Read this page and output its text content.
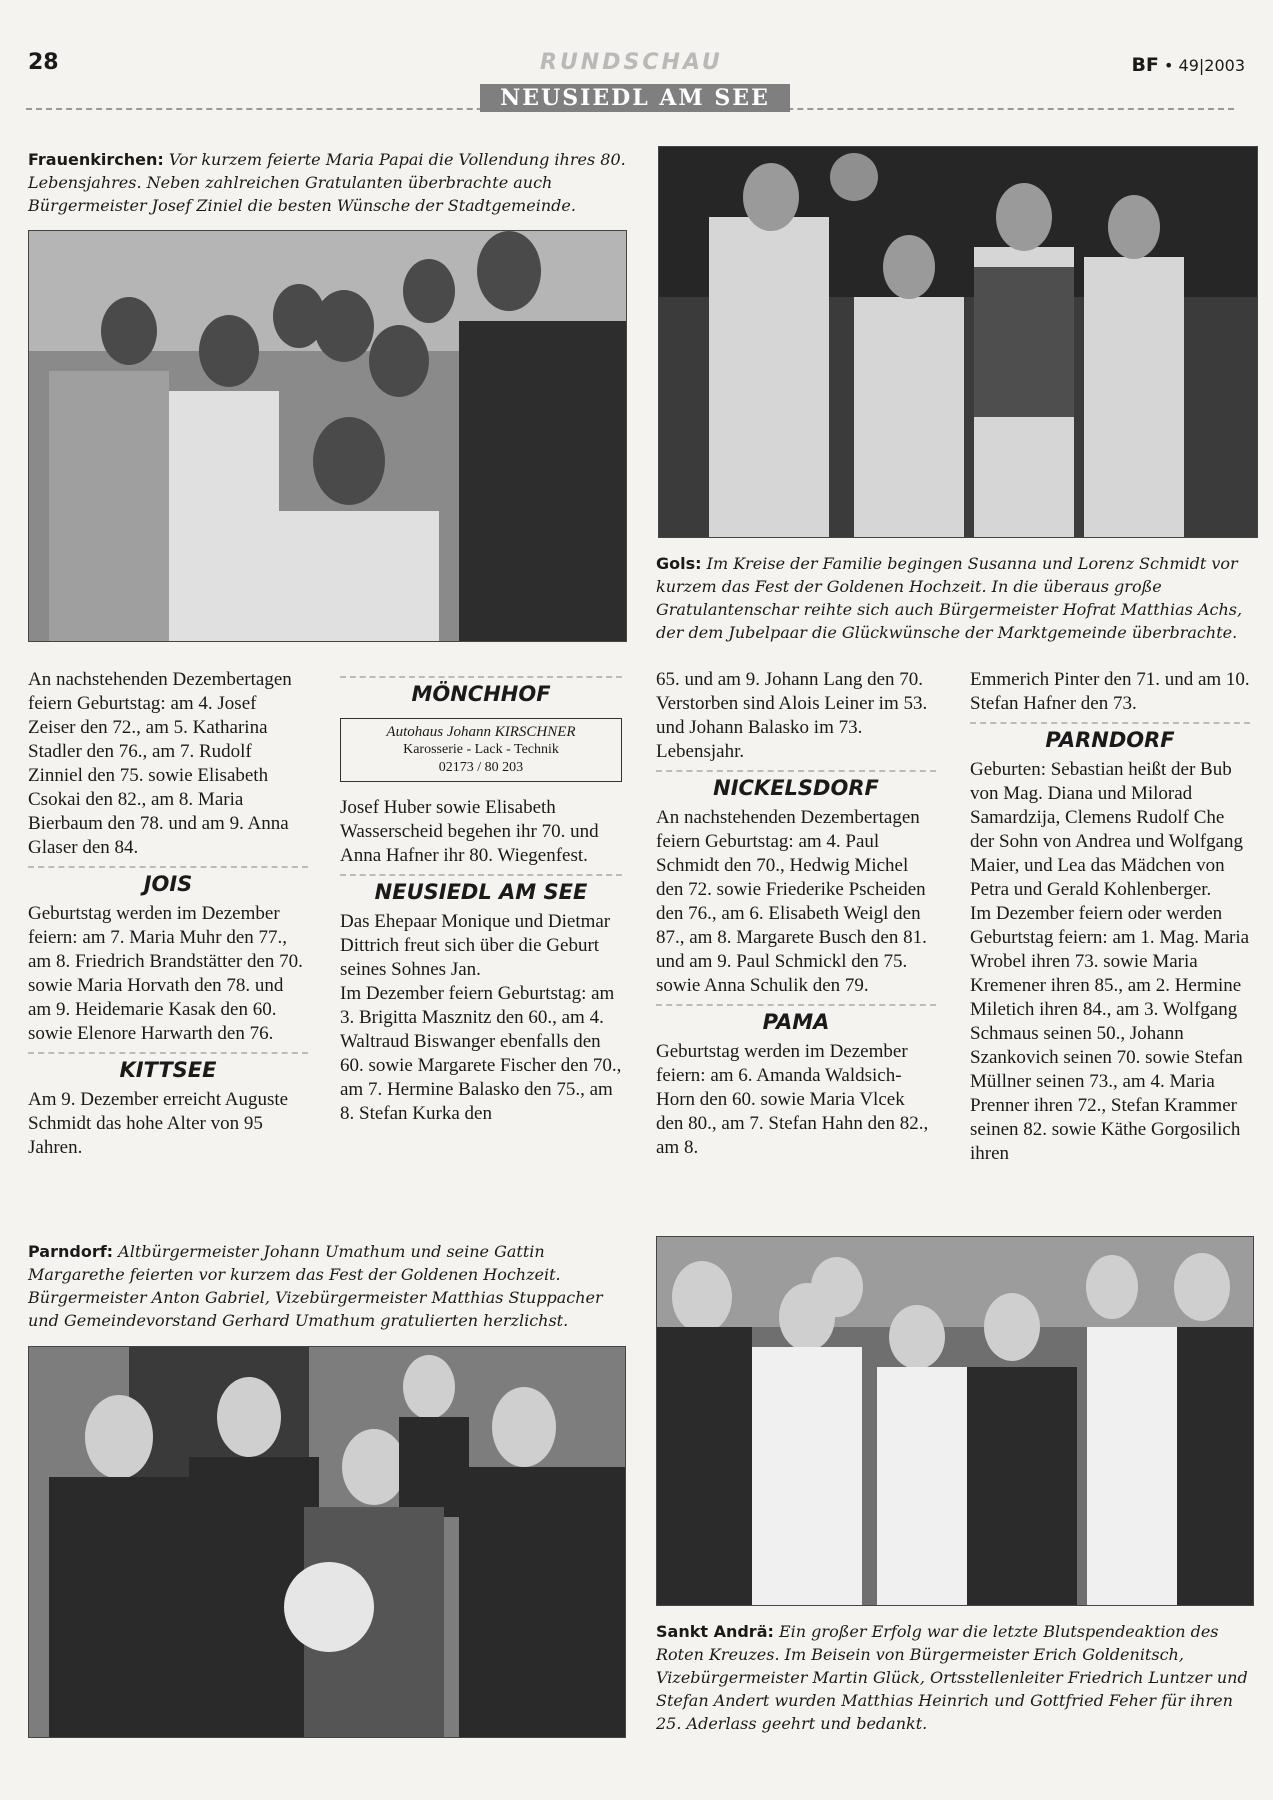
28	RUNDSCHAU	BF • 49|2003
NEUSIEDL AM SEE
Frauenkirchen: Vor kurzem feierte Maria Papai die Vollendung ihres 80. Lebensjahres. Neben zahlreichen Gratulanten überbrachte auch Bürgermeister Josef Ziniel die besten Wünsche der Stadtgemeinde.
Gols: Im Kreise der Familie begingen Susanna und Lorenz Schmidt vor kurzem das Fest der Goldenen Hochzeit. In die überaus große Gratulantenschar reihte sich auch Bürgermeister Hofrat Matthias Achs, der dem Jubelpaar die Glückwünsche der Marktgemeinde überbrachte.

An nachstehenden Dezembertagen feiern Geburtstag: am 4. Josef Zeiser den 72., am 5. Katharina Stadler den 76., am 7. Rudolf Zinniel den 75. sowie Elisabeth Csokai den 82., am 8. Maria Bierbaum den 78. und am 9. Anna Glaser den 84.

JOIS

Geburtstag werden im Dezember feiern: am 7. Maria Muhr den 77., am 8. Friedrich Brandstätter den 70. sowie Maria Horvath den 78. und am 9. Heidemarie Kasak den 60. sowie Elenore Harwarth den 76.

KITTSEE

Am 9. Dezember erreicht Auguste Schmidt das hohe Alter von 95 Jahren.

MÖNCHHOF
Autohaus Johann KIRSCHNER
Karosserie - Lack - Technik
02173 / 80 203

Josef Huber sowie Elisabeth Wasserscheid begehen ihr 70. und Anna Hafner ihr 80. Wiegenfest.

NEUSIEDL AM SEE

Das Ehepaar Monique und Dietmar Dittrich freut sich über die Geburt seines Sohnes Jan.

Im Dezember feiern Geburtstag: am 3. Brigitta Masznitz den 60., am 4. Waltraud Biswanger ebenfalls den 60. sowie Margarete Fischer den 70., am 7. Hermine Balasko den 75., am 8. Stefan Kurka den

65. und am 9. Johann Lang den 70.

Verstorben sind Alois Leiner im 53. und Johann Balasko im 73. Lebensjahr.

NICKELSDORF

An nachstehenden Dezembertagen feiern Geburtstag: am 4. Paul Schmidt den 70., Hedwig Michel den 72. sowie Friederike Pscheiden den 76., am 6. Elisabeth Weigl den 87., am 8. Margarete Busch den 81. und am 9. Paul Schmickl den 75. sowie Anna Schulik den 79.

PAMA

Geburtstag werden im Dezember feiern: am 6. Amanda Waldsich-Horn den 60. sowie Maria Vlcek den 80., am 7. Stefan Hahn den 82., am 8.

Emmerich Pinter den 71. und am 10. Stefan Hafner den 73.

PARNDORF

Geburten: Sebastian heißt der Bub von Mag. Diana und Milorad Samardzija, Clemens Rudolf Che der Sohn von Andrea und Wolfgang Maier, und Lea das Mädchen von Petra und Gerald Kohlenberger.

Im Dezember feiern oder werden Geburtstag feiern: am 1. Mag. Maria Wrobel ihren 73. sowie Maria Kremener ihren 85., am 2. Hermine Miletich ihren 84., am 3. Wolfgang Schmaus seinen 50., Johann Szankovich seinen 70. sowie Stefan Müllner seinen 73., am 4. Maria Prenner ihren 72., Stefan Krammer seinen 82. sowie Käthe Gorgosilich ihren

Parndorf: Altbürgermeister Johann Umathum und seine Gattin Margarethe feierten vor kurzem das Fest der Goldenen Hochzeit. Bürgermeister Anton Gabriel, Vizebürgermeister Matthias Stuppacher und Gemeindevorstand Gerhard Umathum gratulierten herzlichst.
Sankt Andrä: Ein großer Erfolg war die letzte Blutspendeaktion des Roten Kreuzes. Im Beisein von Bürgermeister Erich Goldenitsch, Vizebürgermeister Martin Glück, Ortsstellenleiter Friedrich Luntzer und Stefan Andert wurden Matthias Heinrich und Gottfried Feher für ihren 25. Aderlass geehrt und bedankt.
